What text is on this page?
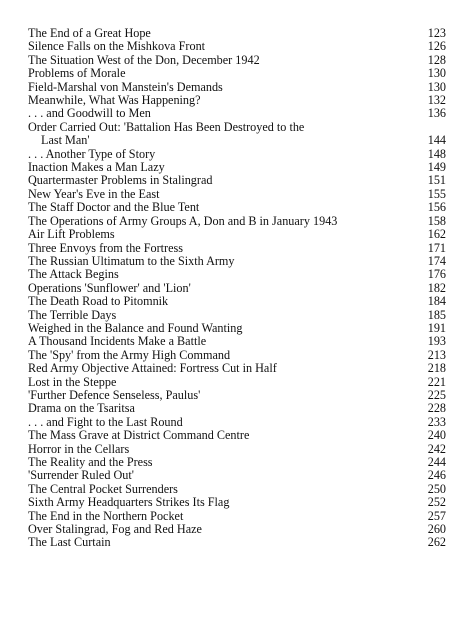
The End of a Great Hope	123
Silence Falls on the Mishkova Front	126
The Situation West of the Don, December 1942	128
Problems of Morale	130
Field-Marshal von Manstein's Demands	130
Meanwhile, What Was Happening?	132
. . . and Goodwill to Men	136
Order Carried Out: 'Battalion Has Been Destroyed to the
Last Man'	144
. . . Another Type of Story	148
Inaction Makes a Man Lazy	149
Quartermaster Problems in Stalingrad	151
New Year's Eve in the East	155
The Staff Doctor and the Blue Tent	156
The Operations of Army Groups A, Don and B in January 1943	158
Air Lift Problems	162
Three Envoys from the Fortress	171
The Russian Ultimatum to the Sixth Army	174
The Attack Begins	176
Operations 'Sunflower' and 'Lion'	182
The Death Road to Pitomnik	184
The Terrible Days	185
Weighed in the Balance and Found Wanting	191
A Thousand Incidents Make a Battle	193
The 'Spy' from the Army High Command	213
Red Army Objective Attained: Fortress Cut in Half	218
Lost in the Steppe	221
'Further Defence Senseless, Paulus'	225
Drama on the Tsaritsa	228
. . . and Fight to the Last Round	233
The Mass Grave at District Command Centre	240
Horror in the Cellars	242
The Reality and the Press	244
'Surrender Ruled Out'	246
The Central Pocket Surrenders	250
Sixth Army Headquarters Strikes Its Flag	252
The End in the Northern Pocket	257
Over Stalingrad, Fog and Red Haze	260
The Last Curtain	262
